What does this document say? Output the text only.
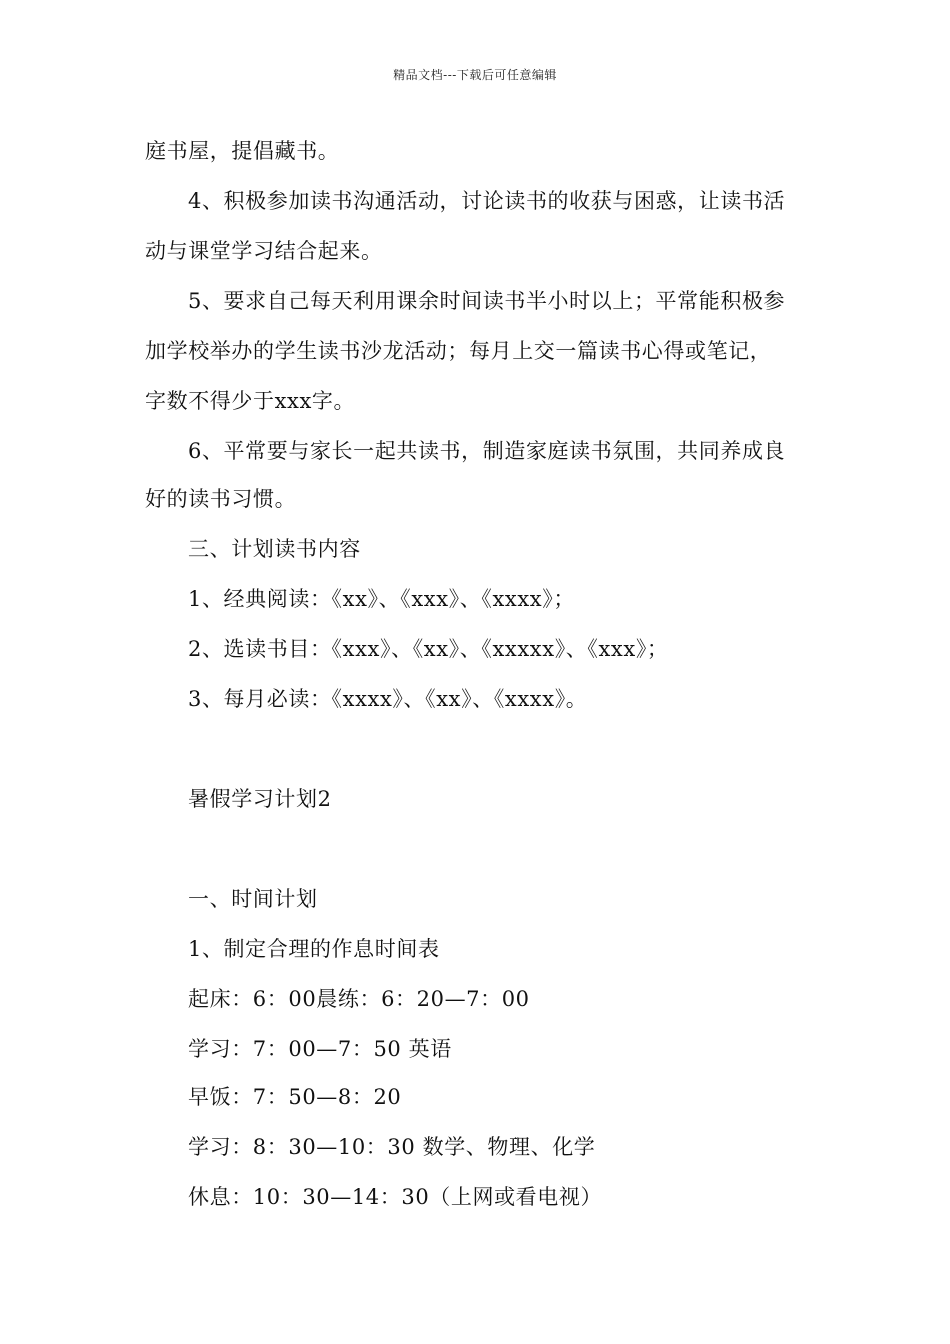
精品文档---下载后可任意编辑
庭书屋，提倡藏书。
4、积极参加读书沟通活动，讨论读书的收获与困惑，让读书活
动与课堂学习结合起来。
5、要求自己每天利用课余时间读书半小时以上；平常能积极参
加学校举办的学生读书沙龙活动；每月上交一篇读书心得或笔记，
字数不得少于xxx字。
6、平常要与家长一起共读书，制造家庭读书氛围，共同养成良
好的读书习惯。
三、计划读书内容
1、经典阅读：《xx》、《xxx》、《xxxx》；
2、选读书目：《xxx》、《xx》、《xxxxx》、《xxx》；
3、每月必读：《xxxx》、《xx》、《xxxx》。
暑假学习计划2
一、时间计划
1、制定合理的作息时间表
起床：6：00晨练：6：20—7：00
学习：7：00—7：50 英语
早饭：7：50—8：20
学习：8：30—10：30 数学、物理、化学
休息：10：30—14：30（上网或看电视）
